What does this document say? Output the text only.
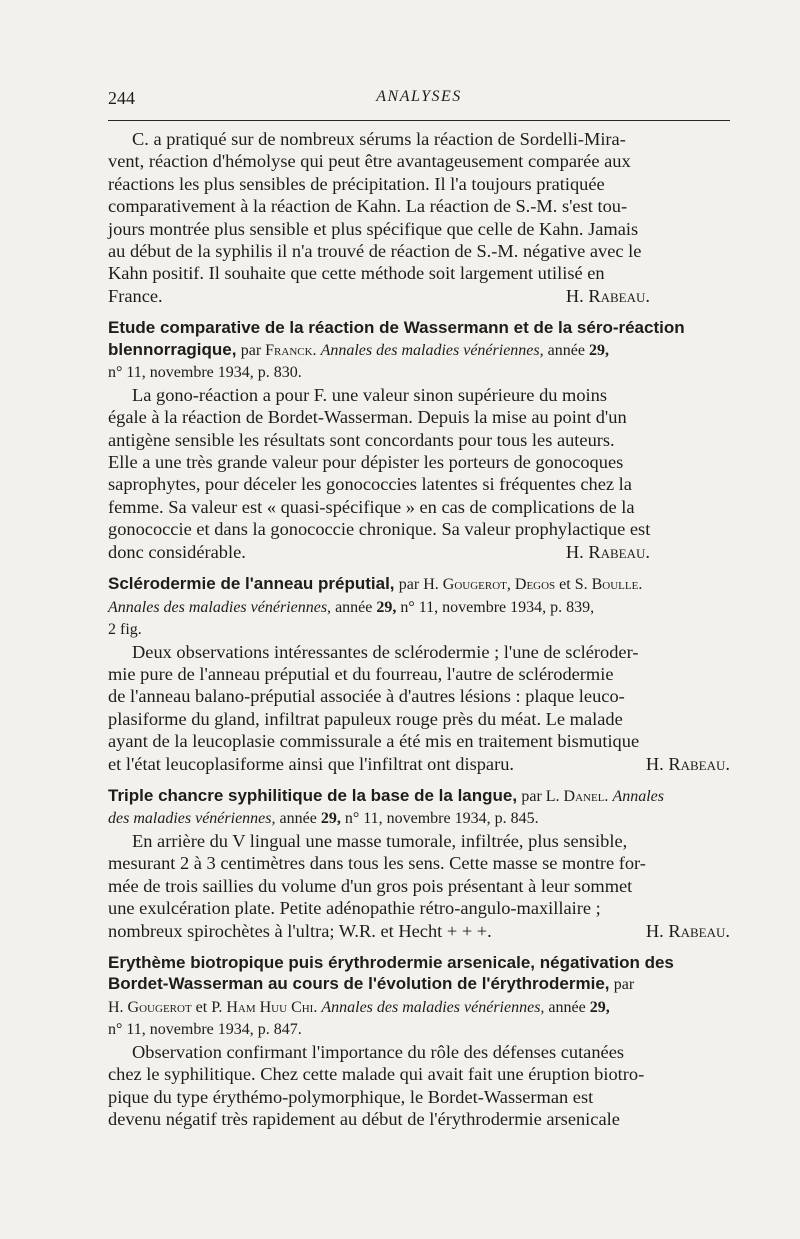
244	ANALYSES

C. a pratiqué sur de nombreux sérums la réaction de Sordelli-Mira-

vent, réaction d'hémolyse qui peut être avantageusement comparée aux

réactions les plus sensibles de précipitation. Il l'a toujours pratiquée

comparativement à la réaction de Kahn. La réaction de S.-M. s'est tou-

jours montrée plus sensible et plus spécifique que celle de Kahn. Jamais

au début de la syphilis il n'a trouvé de réaction de S.-M. négative avec le

Kahn positif. Il souhaite que cette méthode soit largement utilisé en

France.	H. Rabeau.

Etude comparative de la réaction de Wassermann et de la séro-réaction
blennorragique, par Franck. Annales des maladies vénériennes, année 29,
n° 11, novembre 1934, p. 830.

La gono-réaction a pour F. une valeur sinon supérieure du moins

égale à la réaction de Bordet-Wasserman. Depuis la mise au point d'un

antigène sensible les résultats sont concordants pour tous les auteurs.

Elle a une très grande valeur pour dépister les porteurs de gonocoques

saprophytes, pour déceler les gonococcies latentes si fréquentes chez la

femme. Sa valeur est « quasi-spécifique » en cas de complications de la

gonococcie et dans la gonococcie chronique. Sa valeur prophylactique est

donc considérable.	H. Rabeau.

Sclérodermie de l'anneau préputial, par H. Gougerot, Degos et S. Boulle.
Annales des maladies vénériennes, année 29, n° 11, novembre 1934, p. 839,
2 fig.

Deux observations intéressantes de sclérodermie ; l'une de scléroder-

mie pure de l'anneau préputial et du fourreau, l'autre de sclérodermie

de l'anneau balano-préputial associée à d'autres lésions : plaque leuco-

plasiforme du gland, infiltrat papuleux rouge près du méat. Le malade

ayant de la leucoplasie commissurale a été mis en traitement bismutique

et l'état leucoplasiforme ainsi que l'infiltrat ont disparu.	H. Rabeau.

Triple chancre syphilitique de la base de la langue, par L. Danel. Annales
des maladies vénériennes, année 29, n° 11, novembre 1934, p. 845.

En arrière du V lingual une masse tumorale, infiltrée, plus sensible,

mesurant 2 à 3 centimètres dans tous les sens. Cette masse se montre for-

mée de trois saillies du volume d'un gros pois présentant à leur sommet

une exulcération plate. Petite adénopathie rétro-angulo-maxillaire ;

nombreux spirochètes à l'ultra; W.R. et Hecht + + +.	H. Rabeau.

Erythème biotropique puis érythrodermie arsenicale, négativation des
Bordet-Wasserman au cours de l'évolution de l'érythrodermie, par
H. Gougerot et P. Ham Huu Chi. Annales des maladies vénériennes, année 29,
n° 11, novembre 1934, p. 847.

Observation confirmant l'importance du rôle des défenses cutanées

chez le syphilitique. Chez cette malade qui avait fait une éruption biotro-

pique du type érythémo-polymorphique, le Bordet-Wasserman est

devenu négatif très rapidement au début de l'érythrodermie arsenicale
